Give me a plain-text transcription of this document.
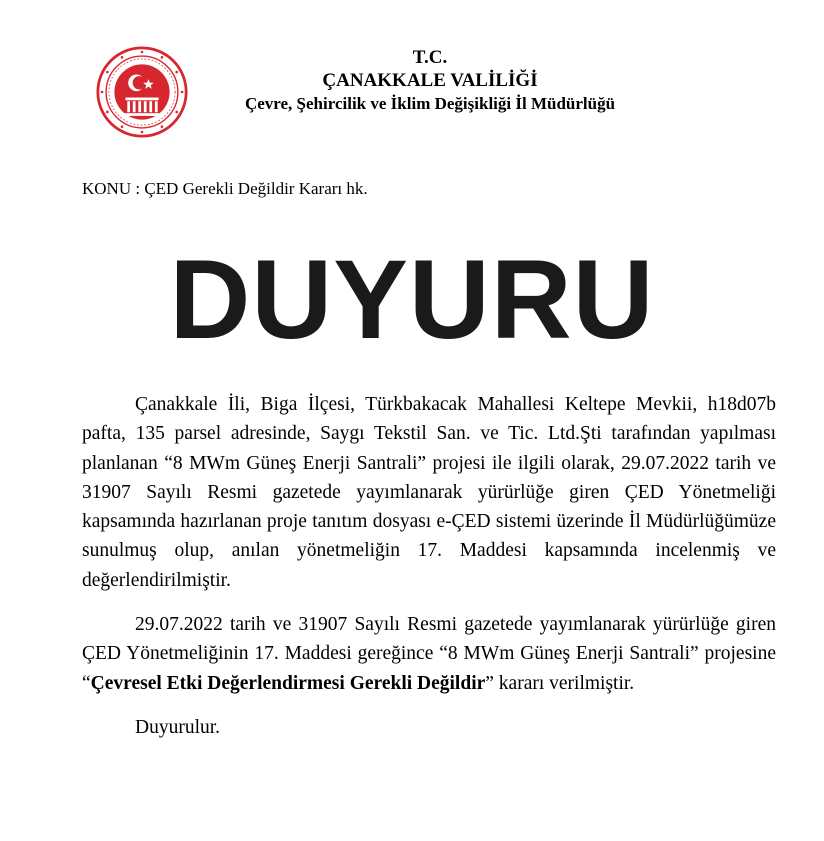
T.C.
ÇANAKKALE VALİLİĞİ
Çevre, Şehircilik ve İklim Değişikliği İl Müdürlüğü
KONU : ÇED Gerekli Değildir Kararı hk.
DUYURU

Çanakkale İli, Biga İlçesi, Türkbakacak Mahallesi Keltepe Mevkii, h18d07b pafta, 135 parsel adresinde, Saygı Tekstil San. ve Tic. Ltd.Şti tarafından yapılması planlanan “8 MWm Güneş Enerji Santrali” projesi ile ilgili olarak, 29.07.2022 tarih ve 31907 Sayılı Resmi gazetede yayımlanarak yürürlüğe giren ÇED Yönetmeliği kapsamında hazırlanan proje tanıtım dosyası e-ÇED sistemi üzerinde İl Müdürlüğümüze sunulmuş olup, anılan yönetmeliğin 17. Maddesi kapsamında incelenmiş ve değerlendirilmiştir.

29.07.2022 tarih ve 31907 Sayılı Resmi gazetede yayımlanarak yürürlüğe giren ÇED Yönetmeliğinin 17. Maddesi gereğince “8 MWm Güneş Enerji Santrali” projesine “Çevresel Etki Değerlendirmesi Gerekli Değildir” kararı verilmiştir.

Duyurulur.
